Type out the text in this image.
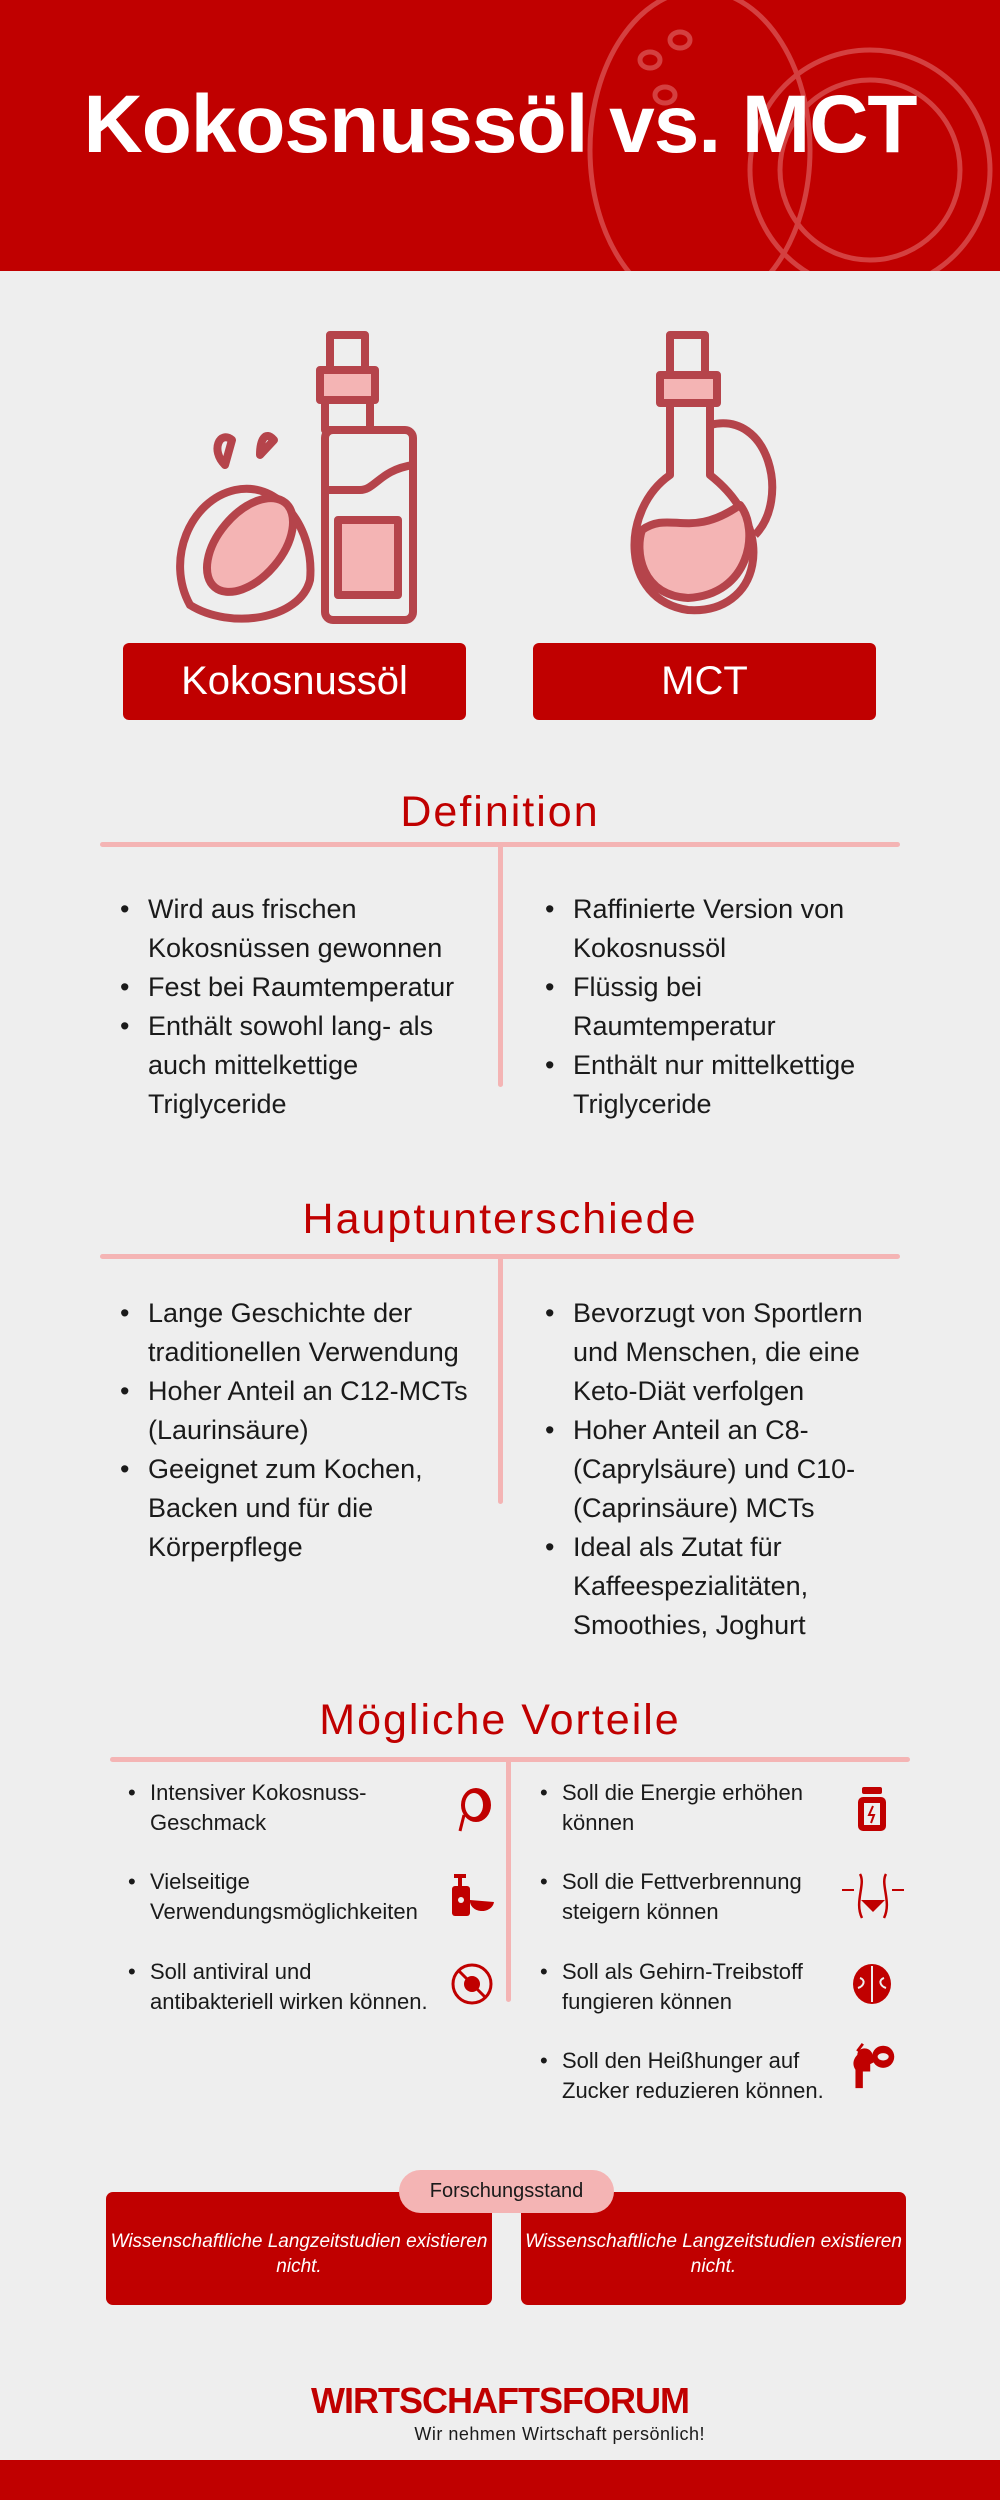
Kokosnussöl vs. MCT
Kokosnussöl	MCT
Definition
• Wird aus frischen Kokosnüssen gewonnen
• Fest bei Raumtemperatur
• Enthält sowohl lang- als auch mittelkettige Triglyceride
• Raffinierte Version von Kokosnussöl
• Flüssig bei Raumtemperatur
• Enthält nur mittelkettige Triglyceride
Hauptunterschiede
• Lange Geschichte der traditionellen Verwendung
• Hoher Anteil an C12-MCTs (Laurinsäure)
• Geeignet zum Kochen, Backen und für die Körperpflege
• Bevorzugt von Sportlern und Menschen, die eine Keto-Diät verfolgen
• Hoher Anteil an C8- (Caprylsäure) und C10- (Caprinsäure) MCTs
• Ideal als Zutat für Kaffeespezialitäten, Smoothies, Joghurt
Mögliche Vorteile
• Intensiver Kokosnuss-Geschmack
• Vielseitige Verwendungsmöglichkeiten
• Soll antiviral und antibakteriell wirken können.
• Soll die Energie erhöhen können
• Soll die Fettverbrennung steigern können
• Soll als Gehirn-Treibstoff fungieren können
• Soll den Heißhunger auf Zucker reduzieren können.
Forschungsstand
Wissenschaftliche Langzeitstudien existieren nicht.
Wissenschaftliche Langzeitstudien existieren nicht.
WIRTSCHAFTSFORUM
Wir nehmen Wirtschaft persönlich!
